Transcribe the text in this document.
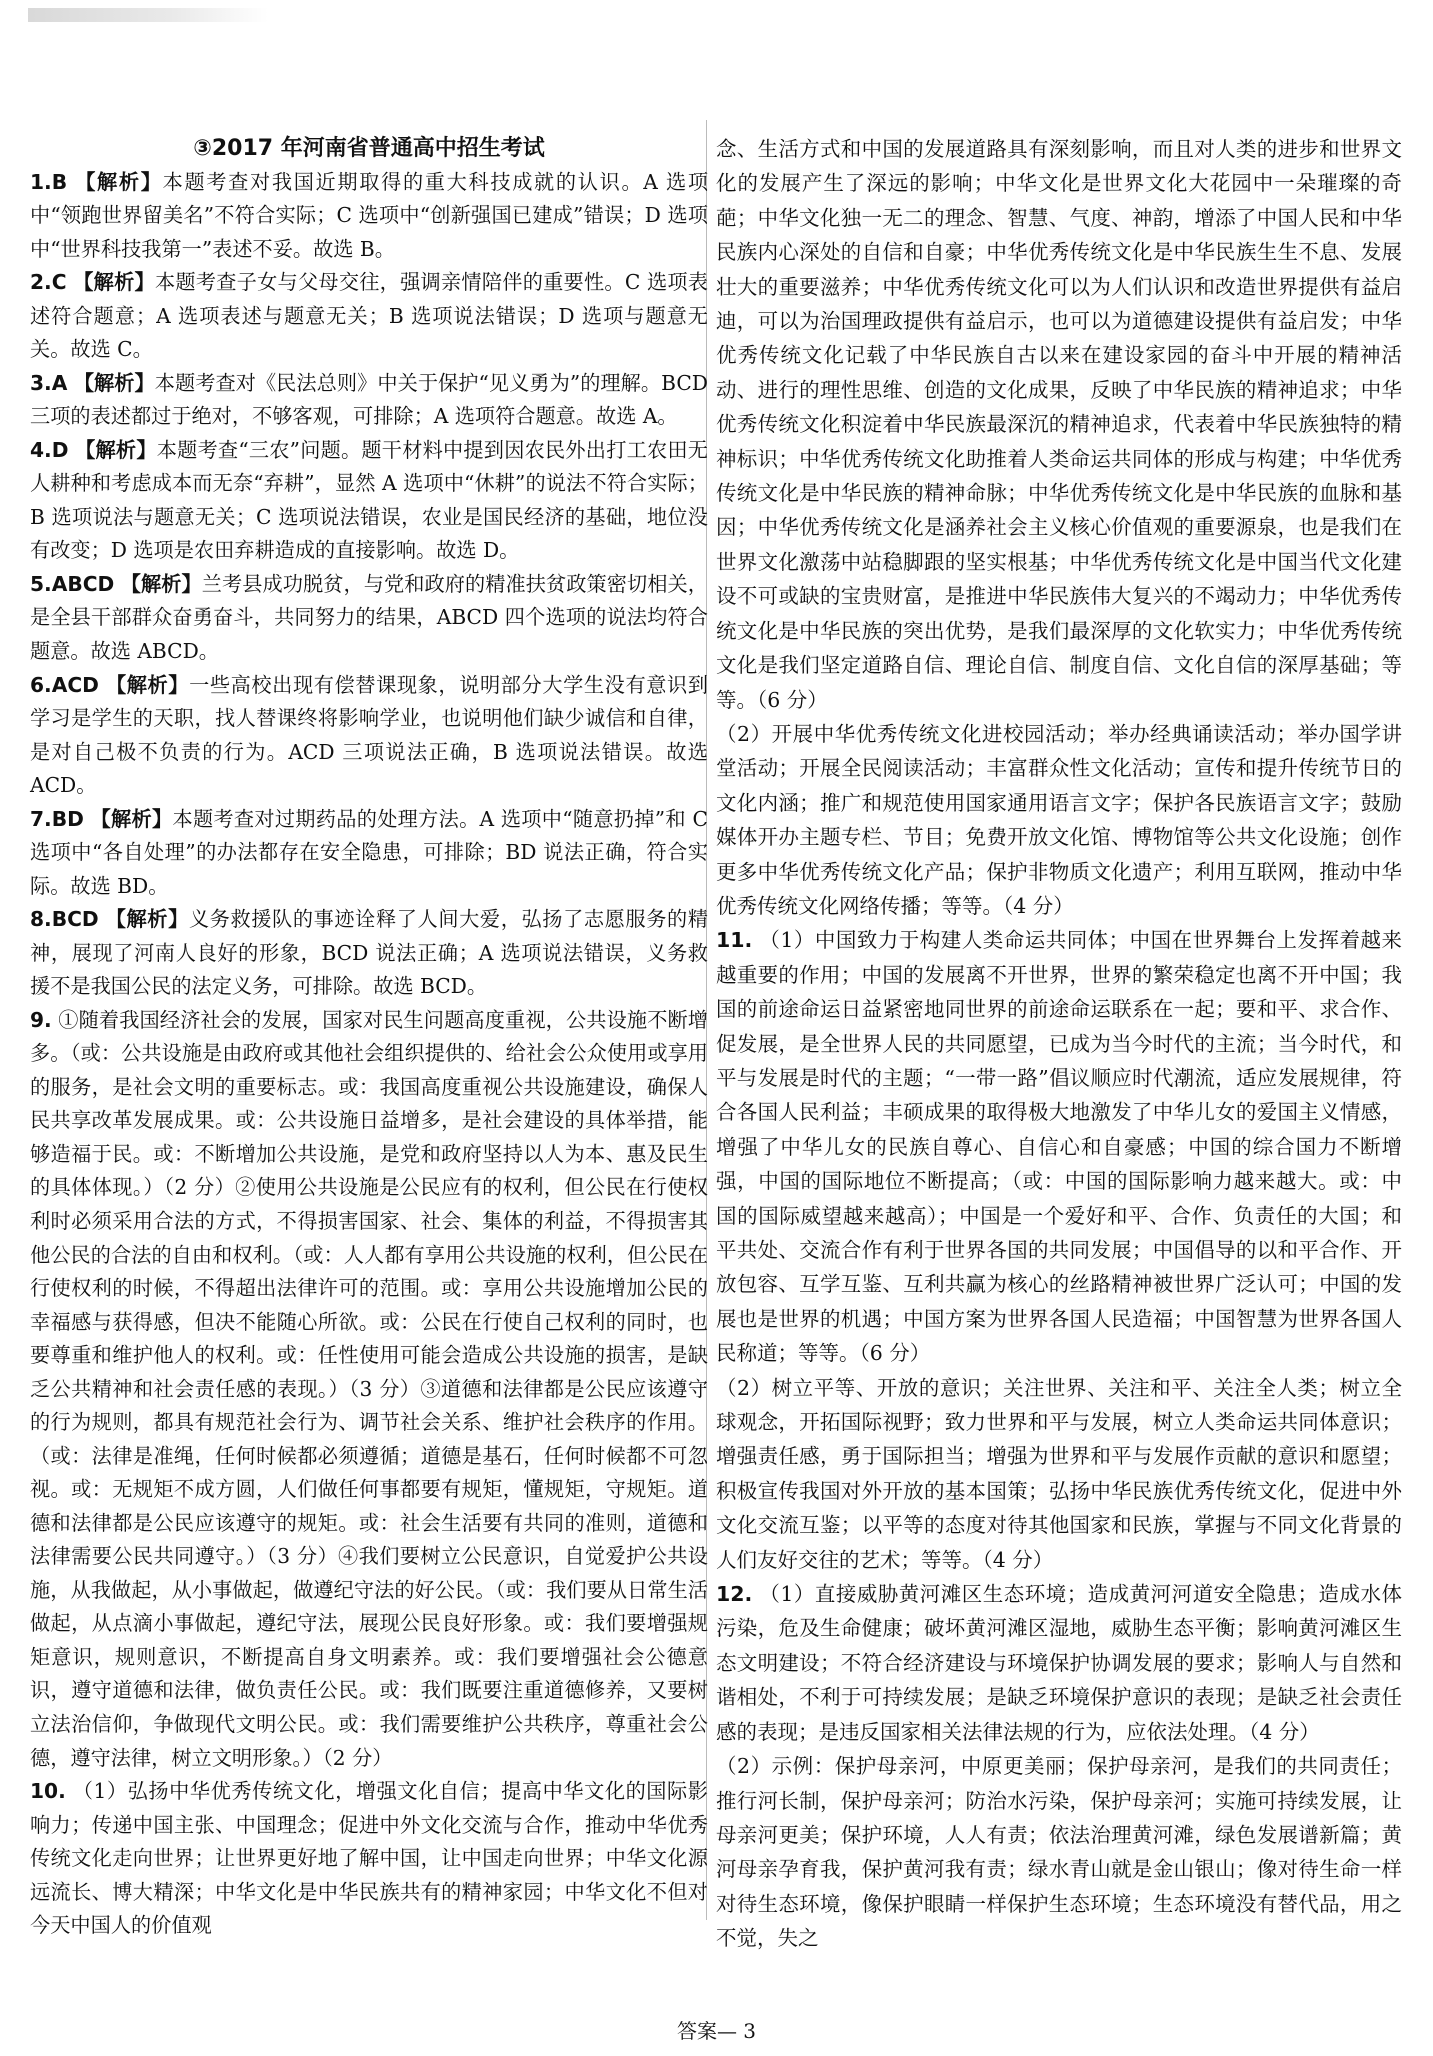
③2017 年河南省普通高中招生考试
1.B 【解析】本题考查对我国近期取得的重大科技成就的认识。A 选项中“领跑世界留美名”不符合实际；C 选项中“创新强国已建成”错误；D 选项中“世界科技我第一”表述不妥。故选 B。
2.C 【解析】本题考查子女与父母交往，强调亲情陪伴的重要性。C 选项表述符合题意；A 选项表述与题意无关；B 选项说法错误；D 选项与题意无关。故选 C。
3.A 【解析】本题考查对《民法总则》中关于保护“见义勇为”的理解。BCD 三项的表述都过于绝对，不够客观，可排除；A 选项符合题意。故选 A。
4.D 【解析】本题考查“三农”问题。题干材料中提到因农民外出打工农田无人耕种和考虑成本而无奈“弃耕”，显然 A 选项中“休耕”的说法不符合实际；B 选项说法与题意无关；C 选项说法错误，农业是国民经济的基础，地位没有改变；D 选项是农田弃耕造成的直接影响。故选 D。
5.ABCD 【解析】兰考县成功脱贫，与党和政府的精准扶贫政策密切相关，是全县干部群众奋勇奋斗，共同努力的结果，ABCD 四个选项的说法均符合题意。故选 ABCD。
6.ACD 【解析】一些高校出现有偿替课现象，说明部分大学生没有意识到学习是学生的天职，找人替课终将影响学业，也说明他们缺少诚信和自律，是对自己极不负责的行为。ACD 三项说法正确，B 选项说法错误。故选 ACD。
7.BD 【解析】本题考查对过期药品的处理方法。A 选项中“随意扔掉”和 C 选项中“各自处理”的办法都存在安全隐患，可排除；BD 说法正确，符合实际。故选 BD。
8.BCD 【解析】义务救援队的事迹诠释了人间大爱，弘扬了志愿服务的精神，展现了河南人良好的形象，BCD 说法正确；A 选项说法错误，义务救援不是我国公民的法定义务，可排除。故选 BCD。
9. ①随着我国经济社会的发展，国家对民生问题高度重视，公共设施不断增多。（或：公共设施是由政府或其他社会组织提供的、给社会公众使用或享用的服务，是社会文明的重要标志。或：我国高度重视公共设施建设，确保人民共享改革发展成果。或：公共设施日益增多，是社会建设的具体举措，能够造福于民。或：不断增加公共设施，是党和政府坚持以人为本、惠及民生的具体体现。）（2 分）②使用公共设施是公民应有的权利，但公民在行使权利时必须采用合法的方式，不得损害国家、社会、集体的利益，不得损害其他公民的合法的自由和权利。（或：人人都有享用公共设施的权利，但公民在行使权利的时候，不得超出法律许可的范围。或：享用公共设施增加公民的幸福感与获得感，但决不能随心所欲。或：公民在行使自己权利的同时，也要尊重和维护他人的权利。或：任性使用可能会造成公共设施的损害，是缺乏公共精神和社会责任感的表现。）（3 分）③道德和法律都是公民应该遵守的行为规则，都具有规范社会行为、调节社会关系、维护社会秩序的作用。（或：法律是准绳，任何时候都必须遵循；道德是基石，任何时候都不可忽视。或：无规矩不成方圆，人们做任何事都要有规矩，懂规矩，守规矩。道德和法律都是公民应该遵守的规矩。或：社会生活要有共同的准则，道德和法律需要公民共同遵守。）（3 分）④我们要树立公民意识，自觉爱护公共设施，从我做起，从小事做起，做遵纪守法的好公民。（或：我们要从日常生活做起，从点滴小事做起，遵纪守法，展现公民良好形象。或：我们要增强规矩意识，规则意识，不断提高自身文明素养。或：我们要增强社会公德意识，遵守道德和法律，做负责任公民。或：我们既要注重道德修养，又要树立法治信仰，争做现代文明公民。或：我们需要维护公共秩序，尊重社会公德，遵守法律，树立文明形象。）（2 分）
10. （1）弘扬中华优秀传统文化，增强文化自信；提高中华文化的国际影响力；传递中国主张、中国理念；促进中外文化交流与合作，推动中华优秀传统文化走向世界；让世界更好地了解中国，让中国走向世界；中华文化源远流长、博大精深；中华文化是中华民族共有的精神家园；中华文化不但对今天中国人的价值观
念、生活方式和中国的发展道路具有深刻影响，而且对人类的进步和世界文化的发展产生了深远的影响；中华文化是世界文化大花园中一朵璀璨的奇葩；中华文化独一无二的理念、智慧、气度、神韵，增添了中国人民和中华民族内心深处的自信和自豪；中华优秀传统文化是中华民族生生不息、发展壮大的重要滋养；中华优秀传统文化可以为人们认识和改造世界提供有益启迪，可以为治国理政提供有益启示，也可以为道德建设提供有益启发；中华优秀传统文化记载了中华民族自古以来在建设家园的奋斗中开展的精神活动、进行的理性思维、创造的文化成果，反映了中华民族的精神追求；中华优秀传统文化积淀着中华民族最深沉的精神追求，代表着中华民族独特的精神标识；中华优秀传统文化助推着人类命运共同体的形成与构建；中华优秀传统文化是中华民族的精神命脉；中华优秀传统文化是中华民族的血脉和基因；中华优秀传统文化是涵养社会主义核心价值观的重要源泉，也是我们在世界文化激荡中站稳脚跟的坚实根基；中华优秀传统文化是中国当代文化建设不可或缺的宝贵财富，是推进中华民族伟大复兴的不竭动力；中华优秀传统文化是中华民族的突出优势，是我们最深厚的文化软实力；中华优秀传统文化是我们坚定道路自信、理论自信、制度自信、文化自信的深厚基础；等等。（6 分）
（2）开展中华优秀传统文化进校园活动；举办经典诵读活动；举办国学讲堂活动；开展全民阅读活动；丰富群众性文化活动；宣传和提升传统节日的文化内涵；推广和规范使用国家通用语言文字；保护各民族语言文字；鼓励媒体开办主题专栏、节目；免费开放文化馆、博物馆等公共文化设施；创作更多中华优秀传统文化产品；保护非物质文化遗产；利用互联网，推动中华优秀传统文化网络传播；等等。（4 分）
11. （1）中国致力于构建人类命运共同体；中国在世界舞台上发挥着越来越重要的作用；中国的发展离不开世界，世界的繁荣稳定也离不开中国；我国的前途命运日益紧密地同世界的前途命运联系在一起；要和平、求合作、促发展，是全世界人民的共同愿望，已成为当今时代的主流；当今时代，和平与发展是时代的主题；“一带一路”倡议顺应时代潮流，适应发展规律，符合各国人民利益；丰硕成果的取得极大地激发了中华儿女的爱国主义情感，增强了中华儿女的民族自尊心、自信心和自豪感；中国的综合国力不断增强，中国的国际地位不断提高；（或：中国的国际影响力越来越大。或：中国的国际威望越来越高）；中国是一个爱好和平、合作、负责任的大国；和平共处、交流合作有利于世界各国的共同发展；中国倡导的以和平合作、开放包容、互学互鉴、互利共赢为核心的丝路精神被世界广泛认可；中国的发展也是世界的机遇；中国方案为世界各国人民造福；中国智慧为世界各国人民称道；等等。（6 分）
（2）树立平等、开放的意识；关注世界、关注和平、关注全人类；树立全球观念，开拓国际视野；致力世界和平与发展，树立人类命运共同体意识；增强责任感，勇于国际担当；增强为世界和平与发展作贡献的意识和愿望；积极宣传我国对外开放的基本国策；弘扬中华民族优秀传统文化，促进中外文化交流互鉴；以平等的态度对待其他国家和民族，掌握与不同文化背景的人们友好交往的艺术；等等。（4 分）
12. （1）直接威胁黄河滩区生态环境；造成黄河河道安全隐患；造成水体污染，危及生命健康；破坏黄河滩区湿地，威胁生态平衡；影响黄河滩区生态文明建设；不符合经济建设与环境保护协调发展的要求；影响人与自然和谐相处，不利于可持续发展；是缺乏环境保护意识的表现；是缺乏社会责任感的表现；是违反国家相关法律法规的行为，应依法处理。（4 分）
（2）示例：保护母亲河，中原更美丽；保护母亲河，是我们的共同责任；推行河长制，保护母亲河；防治水污染，保护母亲河；实施可持续发展，让母亲河更美；保护环境，人人有责；依法治理黄河滩，绿色发展谱新篇；黄河母亲孕育我，保护黄河我有责；绿水青山就是金山银山；像对待生命一样对待生态环境，像保护眼睛一样保护生态环境；生态环境没有替代品，用之不觉，失之
答案— 3
